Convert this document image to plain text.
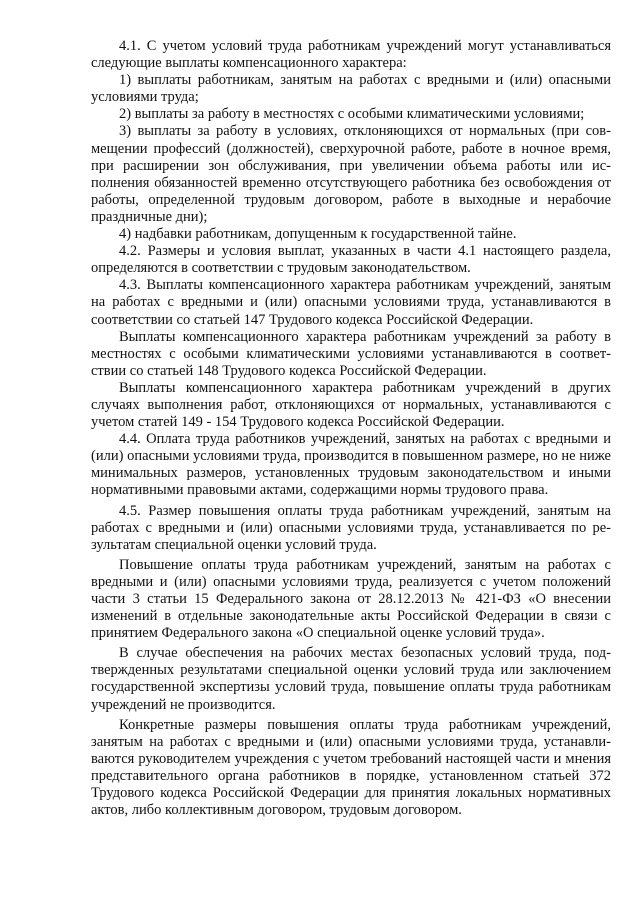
4.1. С учетом условий труда работникам учреждений могут устанавливаться следующие выплаты компенсационного характера:

1) выплаты работникам, занятым на работах с вредными и (или) опасными условиями труда;

2) выплаты за работу в местностях с особыми климатическими условиями;

3) выплаты за работу в условиях, отклоняющихся от нормальных (при совмещении профессий (должностей), сверхурочной работе, работе в ночное время, при расширении зон обслуживания, при увеличении объема работы или исполнения обязанностей временно отсутствующего работника без освобождения от работы, определенной трудовым договором, работе в выходные и нерабочие праздничные дни);

4) надбавки работникам, допущенным к государственной тайне.

4.2. Размеры и условия выплат, указанных в части 4.1 настоящего раздела, определяются в соответствии с трудовым законодательством.

4.3. Выплаты компенсационного характера работникам учреждений, занятым на работах с вредными и (или) опасными условиями труда, устанавливаются в соответствии со статьей 147 Трудового кодекса Российской Федерации.

Выплаты компенсационного характера работникам учреждений за работу в местностях с особыми климатическими условиями устанавливаются в соответствии со статьей 148 Трудового кодекса Российской Федерации.

Выплаты компенсационного характера работникам учреждений в других случаях выполнения работ, отклоняющихся от нормальных, устанавливаются с учетом статей 149 - 154 Трудового кодекса Российской Федерации.

4.4. Оплата труда работников учреждений, занятых на работах с вредными и (или) опасными условиями труда, производится в повышенном размере, но не ниже минимальных размеров, установленных трудовым законодательством и иными нормативными правовыми актами, содержащими нормы трудового права.

4.5. Размер повышения оплаты труда работникам учреждений, занятым на работах с вредными и (или) опасными условиями труда, устанавливается по результатам специальной оценки условий труда.

Повышение оплаты труда работникам учреждений, занятым на работах с вредными и (или) опасными условиями труда, реализуется с учетом положений части 3 статьи 15 Федерального закона от 28.12.2013 № 421-ФЗ «О внесении изменений в отдельные законодательные акты Российской Федерации в связи с принятием Федерального закона «О специальной оценке условий труда».

В случае обеспечения на рабочих местах безопасных условий труда, подтвержденных результатами специальной оценки условий труда или заключением государственной экспертизы условий труда, повышение оплаты труда работникам учреждений не производится.

Конкретные размеры повышения оплаты труда работникам учреждений, занятым на работах с вредными и (или) опасными условиями труда, устанавливаются руководителем учреждения с учетом требований настоящей части и мнения представительного органа работников в порядке, установленном статьей 372 Трудового кодекса Российской Федерации для принятия локальных нормативных актов, либо коллективным договором, трудовым договором.
